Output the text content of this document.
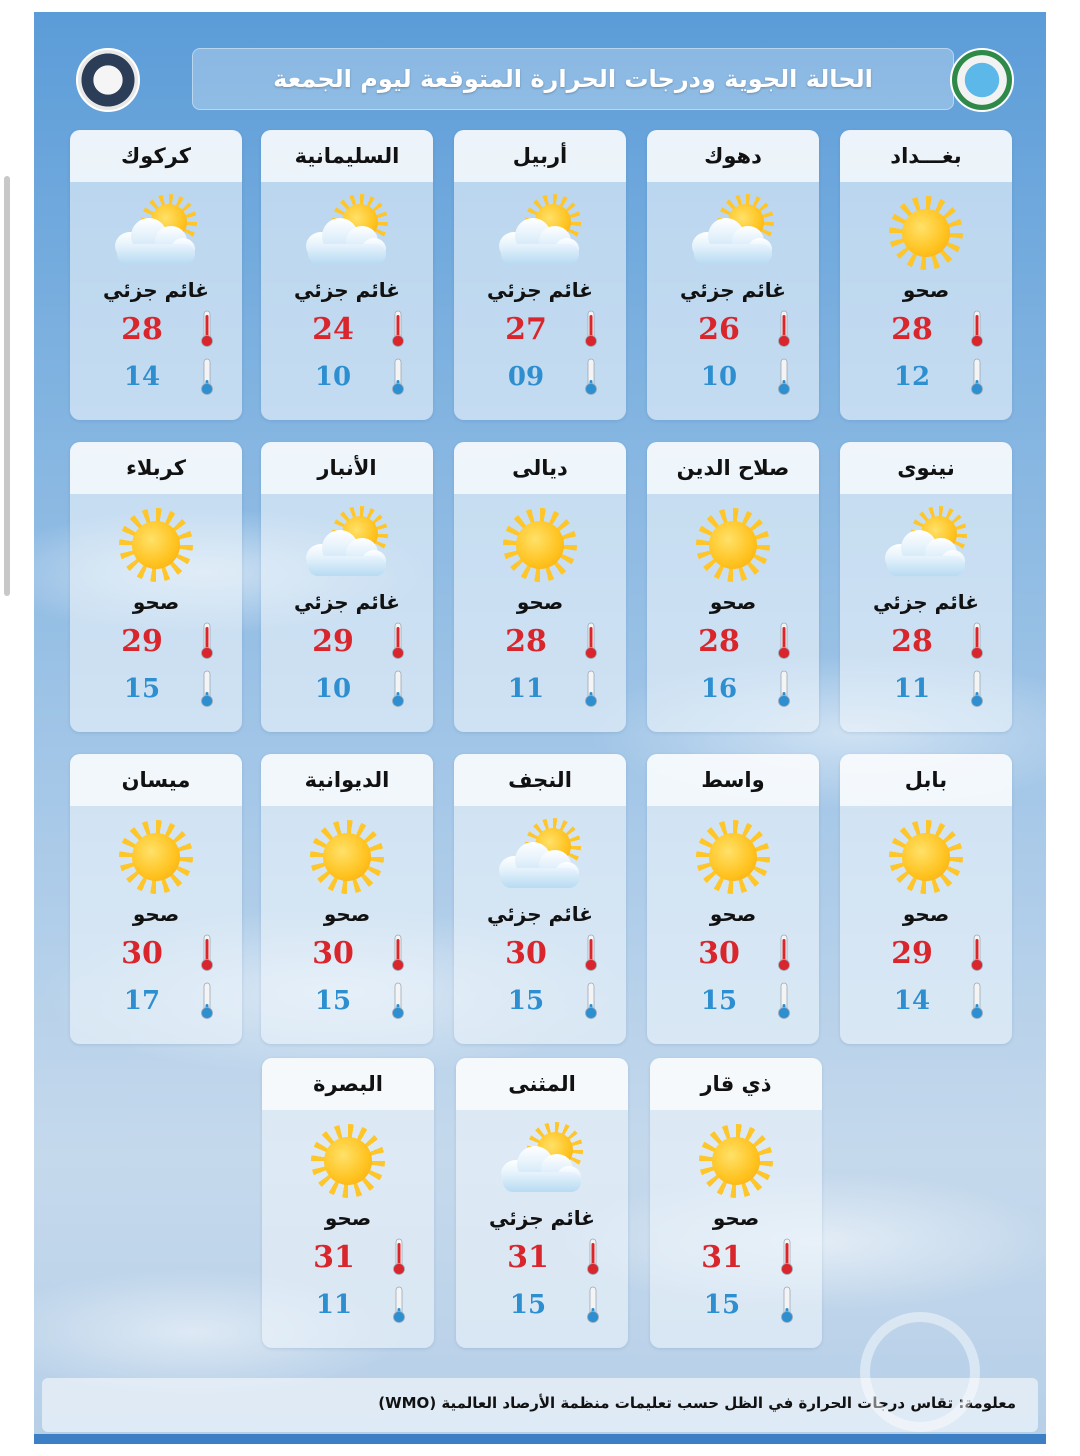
الحالة الجوية ودرجات الحرارة المتوقعة ليوم الجمعة
بغـــداد
صحو
28
12
دهوك
غائم جزئي
26
10
أربيل
غائم جزئي
27
09
السليمانية
غائم جزئي
24
10
كركوك
غائم جزئي
28
14
نينوى
غائم جزئي
28
11
صلاح الدين
صحو
28
16
ديالى
صحو
28
11
الأنبار
غائم جزئي
29
10
كربلاء
صحو
29
15
بابل
صحو
29
14
واسط
صحو
30
15
النجف
غائم جزئي
30
15
الديوانية
صحو
30
15
ميسان
صحو
30
17
ذي قار
صحو
31
15
المثنى
غائم جزئي
31
15
البصرة
صحو
31
11
معلومة: تقاس درجات الحرارة في الظل حسب تعليمات منظمة الأرصاد العالمية (WMO)
